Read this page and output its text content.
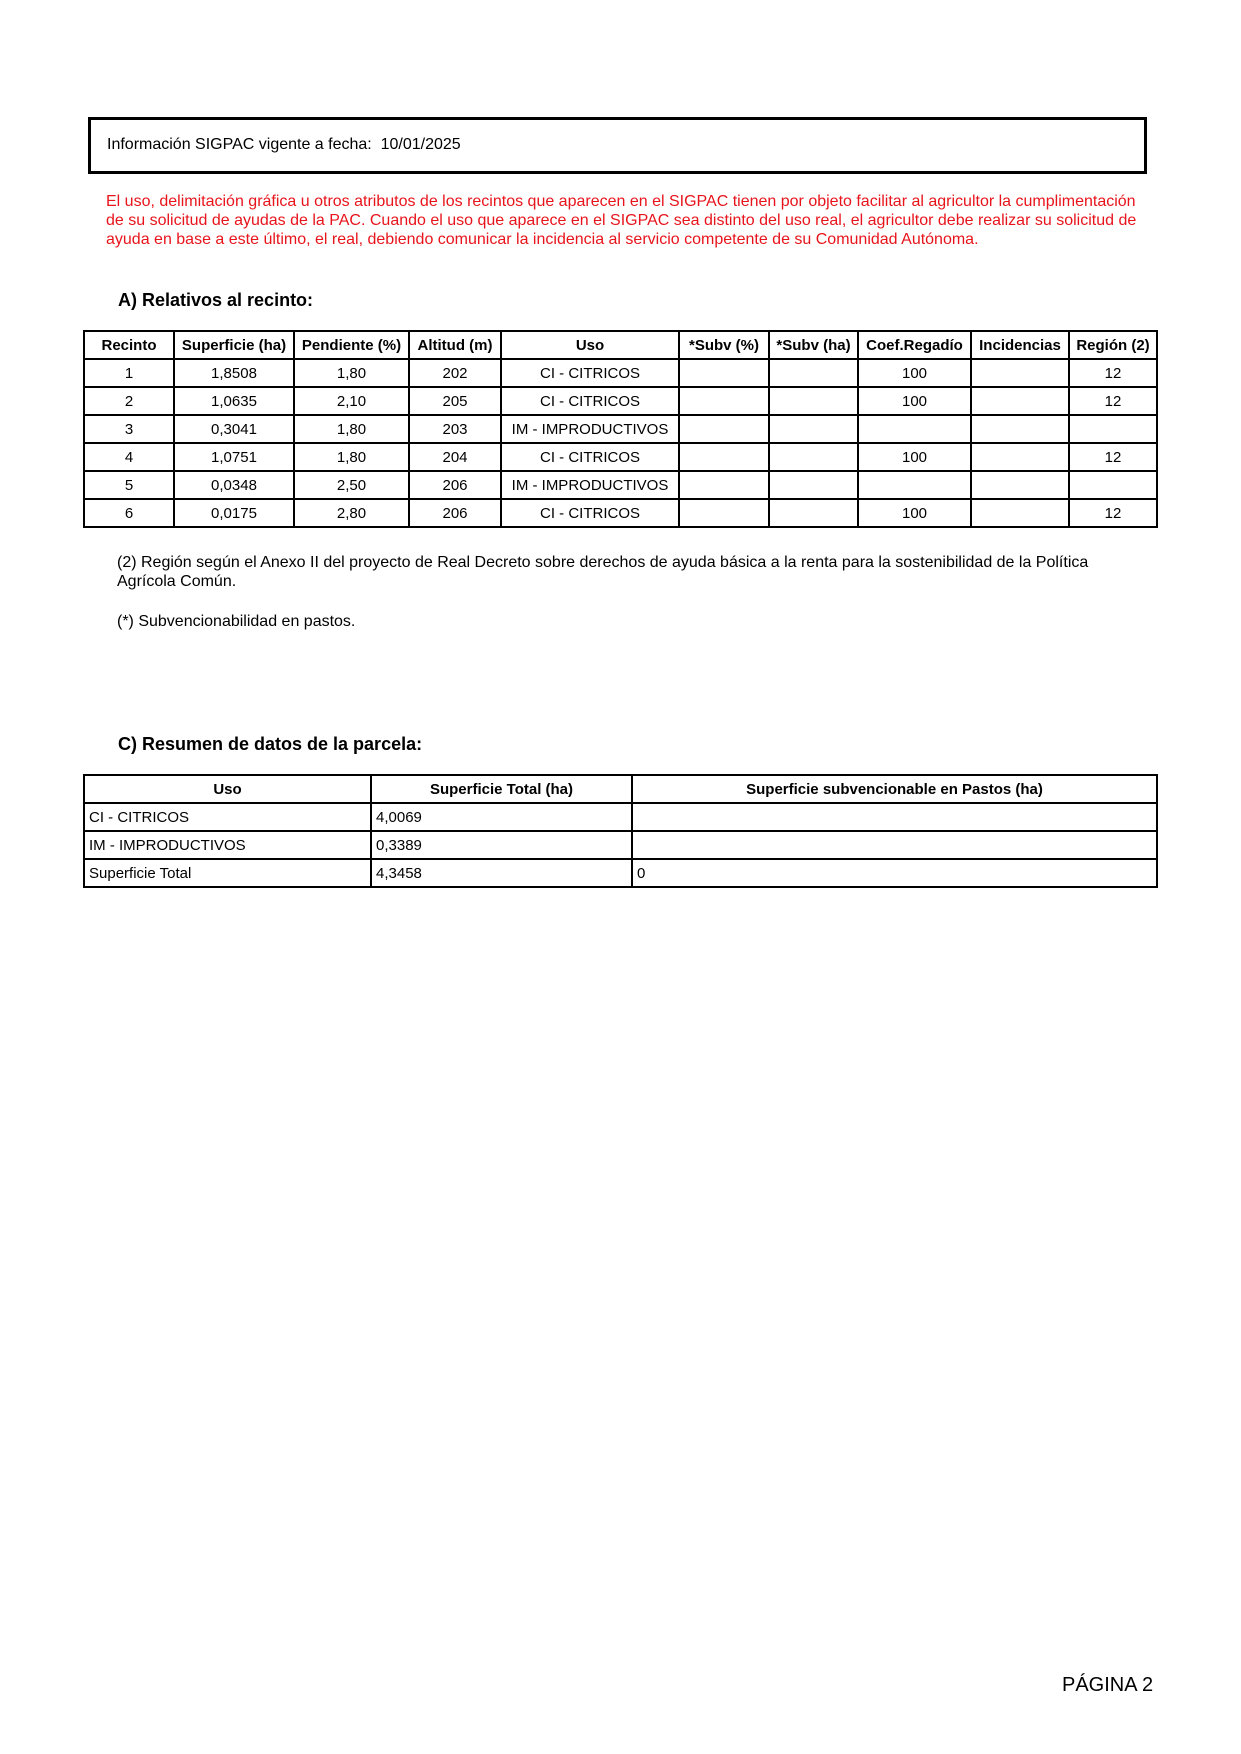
Información SIGPAC vigente a fecha: 10/01/2025

El uso, delimitación gráfica u otros atributos de los recintos que aparecen en el SIGPAC tienen por objeto facilitar al agricultor la cumplimentación de su solicitud de ayudas de la PAC. Cuando el uso que aparece en el SIGPAC sea distinto del uso real, el agricultor debe realizar su solicitud de ayuda en base a este último, el real, debiendo comunicar la incidencia al servicio competente de su Comunidad Autónoma.

A) Relativos al recinto:
Recinto	Superficie (ha)	Pendiente (%)	Altitud (m)	Uso	*Subv (%)	*Subv (ha)	Coef.Regadío	Incidencias	Región (2)
1	1,8508	1,80	202	CI - CITRICOS			100		12
2	1,0635	2,10	205	CI - CITRICOS			100		12
3	0,3041	1,80	203	IM - IMPRODUCTIVOS					
4	1,0751	1,80	204	CI - CITRICOS			100		12
5	0,0348	2,50	206	IM - IMPRODUCTIVOS					
6	0,0175	2,80	206	CI - CITRICOS			100		12

(2) Región según el Anexo II del proyecto de Real Decreto sobre derechos de ayuda básica a la renta para la sostenibilidad de la Política Agrícola Común.

(*) Subvencionabilidad en pastos.

C) Resumen de datos de la parcela:
Uso	Superficie Total (ha)	Superficie subvencionable en Pastos (ha)
CI - CITRICOS	4,0069	
IM - IMPRODUCTIVOS	0,3389	
Superficie Total	4,3458	0
PÁGINA 2
